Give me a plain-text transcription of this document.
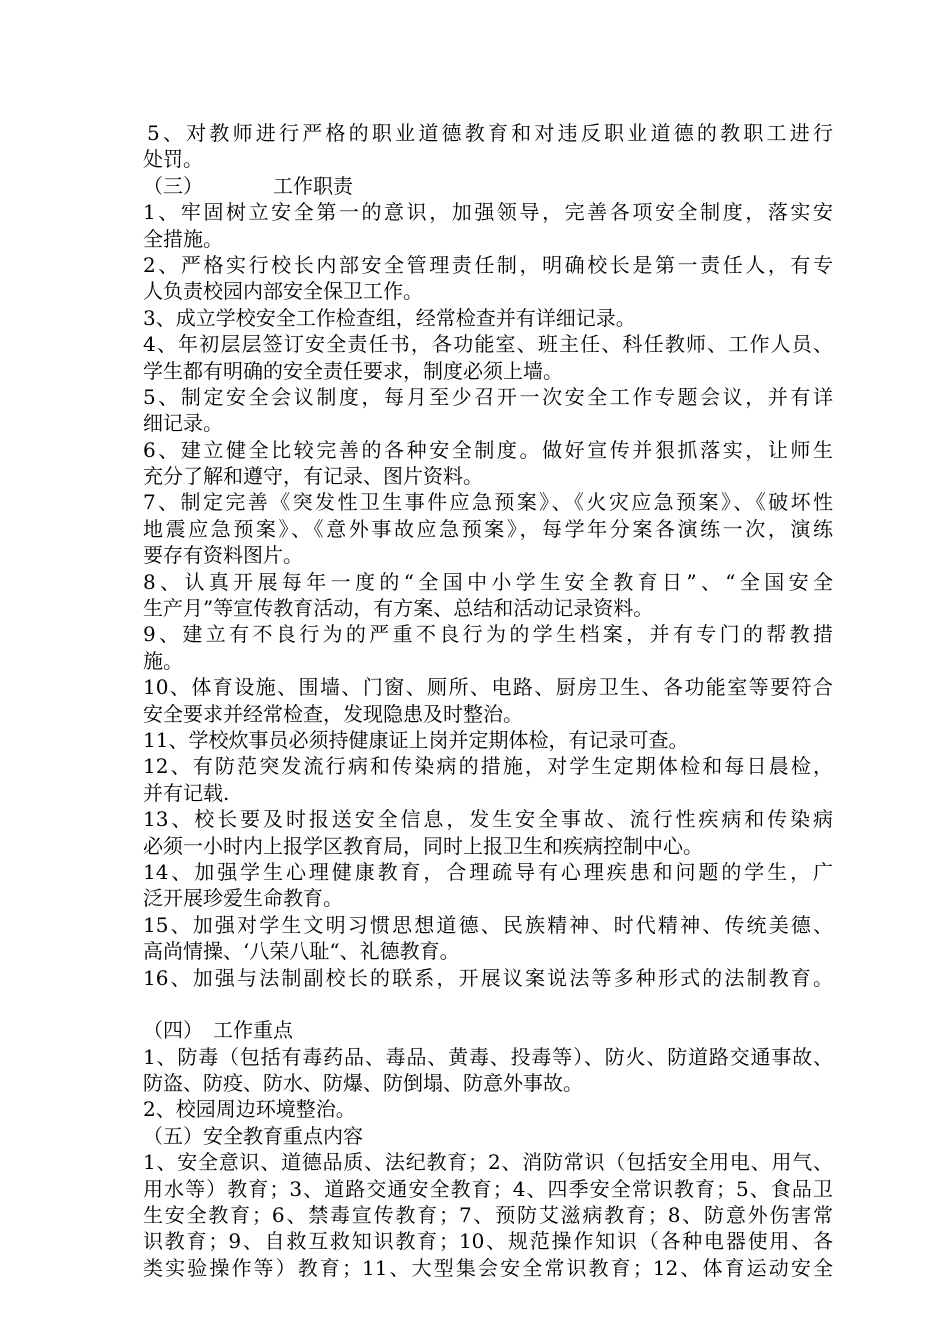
5、对教师进行严格的职业道德教育和对违反职业道德的教职工进行
处罚。
（三）　　　　工作职责
1、牢固树立安全第一的意识，加强领导，完善各项安全制度，落实安
全措施。
2、严格实行校长内部安全管理责任制，明确校长是第一责任人，有专
人负责校园内部安全保卫工作。
3、成立学校安全工作检查组，经常检查并有详细记录。
4、年初层层签订安全责任书，各功能室、班主任、科任教师、工作人员、
学生都有明确的安全责任要求，制度必须上墙。
5、制定安全会议制度，每月至少召开一次安全工作专题会议，并有详
细记录。
6、建立健全比较完善的各种安全制度。做好宣传并狠抓落实，让师生
充分了解和遵守，有记录、图片资料。
7、制定完善《突发性卫生事件应急预案》、《火灾应急预案》、《破坏性
地震应急预案》、《意外事故应急预案》，每学年分案各演练一次，演练
要存有资料图片。
8、认真开展每年一度的“全国中小学生安全教育日”、“全国安全
生产月”等宣传教育活动，有方案、总结和活动记录资料。
9、建立有不良行为的严重不良行为的学生档案，并有专门的帮教措
施。
10、体育设施、围墙、门窗、厕所、电路、厨房卫生、各功能室等要符合
安全要求并经常检查，发现隐患及时整治。
11、学校炊事员必须持健康证上岗并定期体检，有记录可查。
12、有防范突发流行病和传染病的措施，对学生定期体检和每日晨检，
并有记载.
13、校长要及时报送安全信息，发生安全事故、流行性疾病和传染病
必须一小时内上报学区教育局，同时上报卫生和疾病控制中心。
14、加强学生心理健康教育，合理疏导有心理疾患和问题的学生，广
泛开展珍爱生命教育。
15、加强对学生文明习惯思想道德、民族精神、时代精神、传统美德、
高尚情操、‘八荣八耻“、礼德教育。
16、加强与法制副校长的联系，开展议案说法等多种形式的法制教育。
（四）　工作重点
1、防毒（包括有毒药品、毒品、黄毒、投毒等）、防火、防道路交通事故、
防盗、防疫、防水、防爆、防倒塌、防意外事故。
2、校园周边环境整治。
（五）安全教育重点内容
1、安全意识、道德品质、法纪教育；2、消防常识（包括安全用电、用气、
用水等）教育；3、道路交通安全教育；4、四季安全常识教育；5、食品卫
生安全教育；6、禁毒宣传教育；7、预防艾滋病教育；8、防意外伤害常
识教育；9、自救互救知识教育；10、规范操作知识（各种电器使用、各
类实验操作等）教育；11、大型集会安全常识教育；12、体育运动安全
